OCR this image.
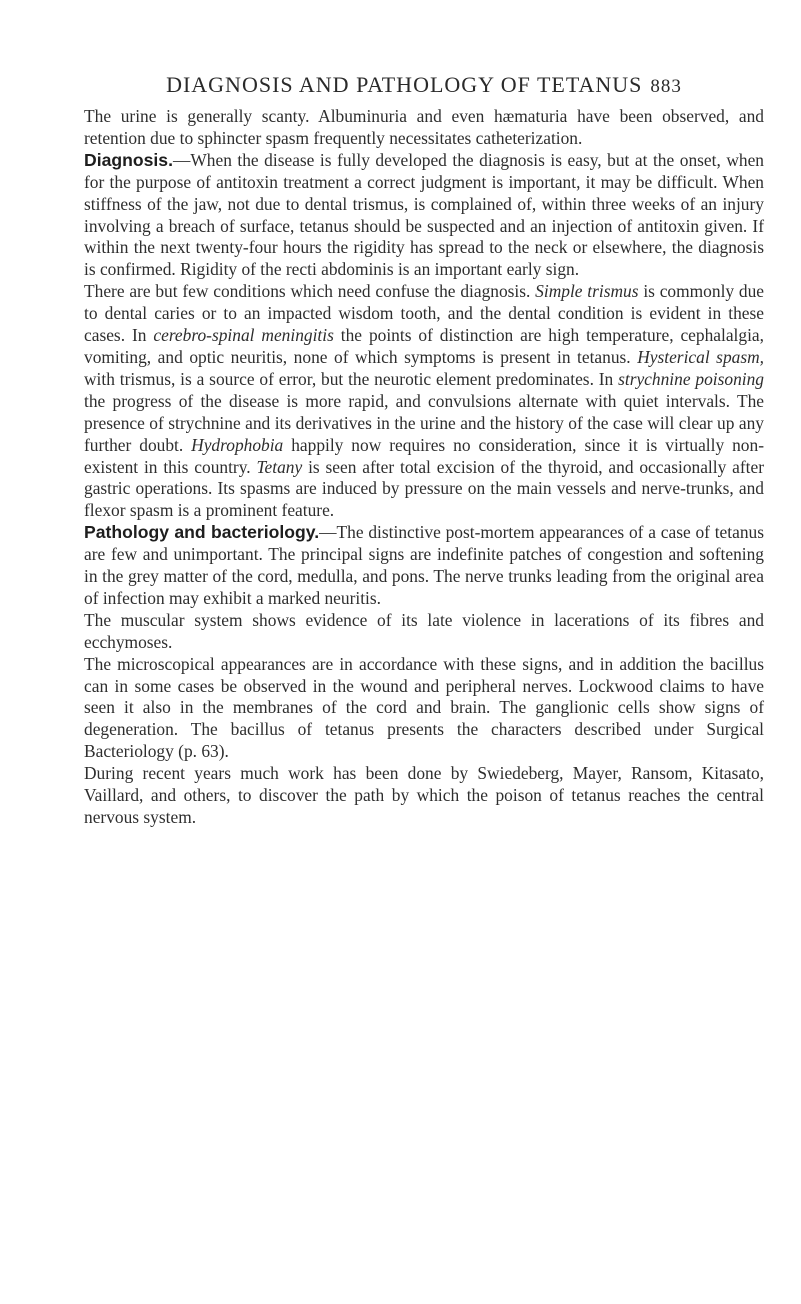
DIAGNOSIS AND PATHOLOGY OF TETANUS 883

The urine is generally scanty. Albuminuria and even hæmaturia have been observed, and retention due to sphincter spasm frequently necessitates catheterization.

Diagnosis.—When the disease is fully developed the diagnosis is easy, but at the onset, when for the purpose of antitoxin treatment a correct judgment is important, it may be difficult. When stiffness of the jaw, not due to dental trismus, is complained of, within three weeks of an injury involving a breach of surface, tetanus should be suspected and an injection of antitoxin given. If within the next twenty-four hours the rigidity has spread to the neck or elsewhere, the diagnosis is confirmed. Rigidity of the recti abdominis is an important early sign.

There are but few conditions which need confuse the diagnosis. Simple trismus is commonly due to dental caries or to an impacted wisdom tooth, and the dental condition is evident in these cases. In cerebro-spinal meningitis the points of distinction are high temperature, cephalalgia, vomiting, and optic neuritis, none of which symptoms is present in tetanus. Hysterical spasm, with trismus, is a source of error, but the neurotic element predominates. In strychnine poisoning the progress of the disease is more rapid, and convulsions alternate with quiet intervals. The presence of strychnine and its derivatives in the urine and the history of the case will clear up any further doubt. Hydrophobia happily now requires no consideration, since it is virtually non-existent in this country. Tetany is seen after total excision of the thyroid, and occasionally after gastric operations. Its spasms are induced by pressure on the main vessels and nerve-trunks, and flexor spasm is a prominent feature.

Pathology and bacteriology.—The distinctive post-mortem appearances of a case of tetanus are few and unimportant. The principal signs are indefinite patches of congestion and softening in the grey matter of the cord, medulla, and pons. The nerve trunks leading from the original area of infection may exhibit a marked neuritis.

The muscular system shows evidence of its late violence in lacerations of its fibres and ecchymoses.

The microscopical appearances are in accordance with these signs, and in addition the bacillus can in some cases be observed in the wound and peripheral nerves. Lockwood claims to have seen it also in the membranes of the cord and brain. The ganglionic cells show signs of degeneration. The bacillus of tetanus presents the characters described under Surgical Bacteriology (p. 63).

During recent years much work has been done by Swiedeberg, Mayer, Ransom, Kitasato, Vaillard, and others, to discover the path by which the poison of tetanus reaches the central nervous system.
